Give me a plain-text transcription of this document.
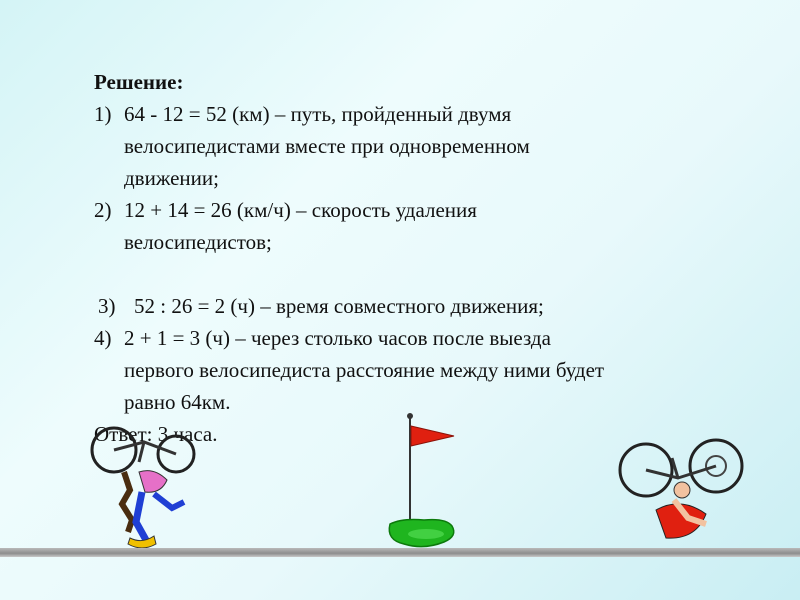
Решение:
1) 64 - 12 = 52 (км) – путь, пройденный двумя
велосипедистами вместе при одновременном
движении;
2) 12 + 14 = 26 (км/ч) – скорость удаления
велосипедистов;
3) 52 : 26 = 2 (ч) – время совместного движения;
4) 2 + 1 = 3 (ч) – через столько часов после выезда
первого велосипедиста расстояние между ними будет
равно 64км.
Ответ: 3 часа.
